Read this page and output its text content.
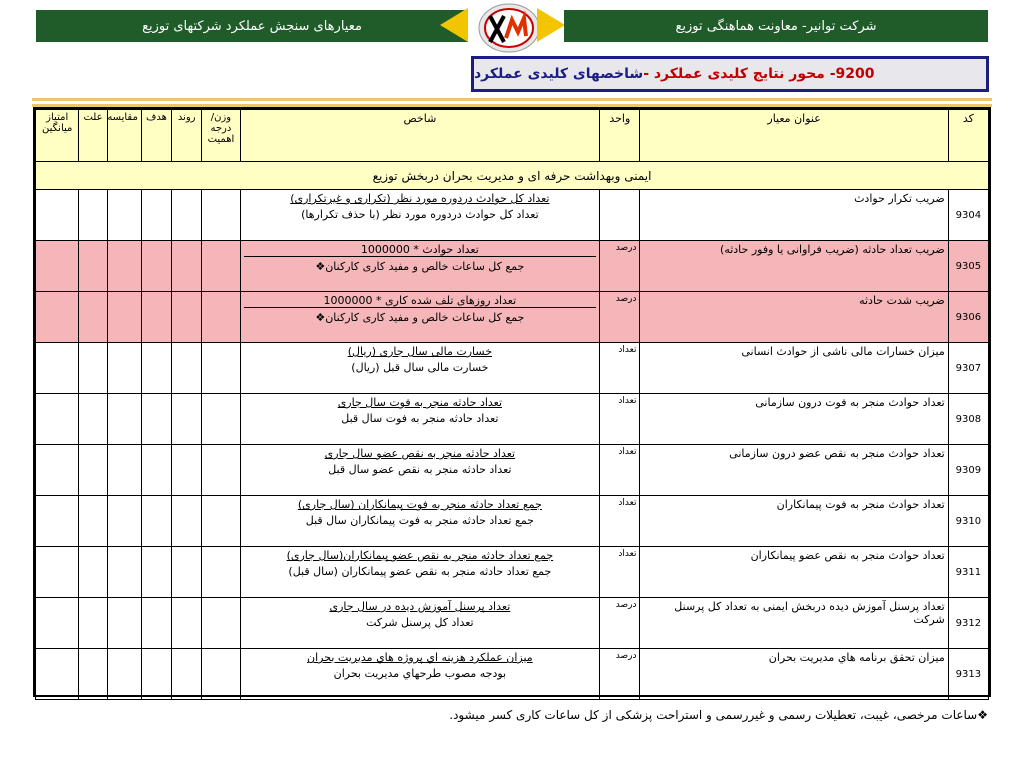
معیارهای سنجش عملکرد شرکتهای توزیع	شرکت توانیر- معاونت هماهنگی توزیع
9200- محور نتایج کلیدی عملکرد -
شاخصهای کلیدی عملکرد
کد	عنوان معیار	واحد	شاخص	وزن/ درجه اهمیت	روند	هدف	مقایسه	علت	امتیاز میانگین
ایمنی وبهداشت حرفه ای و مدیریت بحران دربخش توزیع									
9304	ضریب تکرار حوادث		تعداد کل حوادث دردوره مورد نظر (تکراری و غیرتکراری)
تعداد کل حوادث دردوره مورد نظر (با حذف تکرارها)						

9305	ضریب تعداد حادثه (ضریب فراوانی یا وفور حادثه)	درصد	تعداد حوادث * 1000000
جمع کل ساعات خالص و مفید کاری کارکنان❖						

9306	ضریب شدت حادثه	درصد	تعداد روزهای تلف شده کاری * 1000000
جمع کل ساعات خالص و مفید کاری کارکنان❖						

9307	میزان خسارات مالی ناشی از حوادث انسانی	تعداد	خسارت مالی سال جاری (ریال)
خسارت مالی سال قبل (ریال)						

9308	تعداد حوادث منجر به فوت درون سازمانی	تعداد	تعداد حادثه منجر به فوت سال جاری
تعداد حادثه منجر به فوت سال قبل						

9309	تعداد حوادث منجر به نقص عضو درون سازمانی	تعداد	تعداد حادثه منجر به نقص عضو سال جاری
تعداد حادثه منجر به نقص عضو سال قبل						

9310	تعداد حوادث منجر به فوت پیمانکاران	تعداد	جمع تعداد حادثه منجر به فوت پیمانکاران (سال جاری)
جمع تعداد حادثه منجر به فوت پیمانکاران سال قبل						

9311	تعداد حوادث منجر به نقص عضو پیمانکاران	تعداد	جمع تعداد حادثه منجر به نقص عضو پیمانکاران(سال جاری)
جمع تعداد حادثه منجر به نقص عضو پیمانکاران (سال قبل)						

9312	تعداد پرسنل آموزش دیده دربخش ایمنی به تعداد کل پرسنل شرکت	درصد	تعداد پرسنل آموزش دیده در سال جاری
تعداد کل پرسنل شرکت						

9313	میزان تحقق برنامه هاي مديريت بحران	درصد	ميزان عملکرد هزينه اي پروژه هاي مديريت بحران
بودجه مصوب طرحهاي مديريت بحران						

❖ساعات مرخصی، غیبت، تعطیلات رسمی و غیررسمی و استراحت پزشکی از کل ساعات کاری کسر میشود.
